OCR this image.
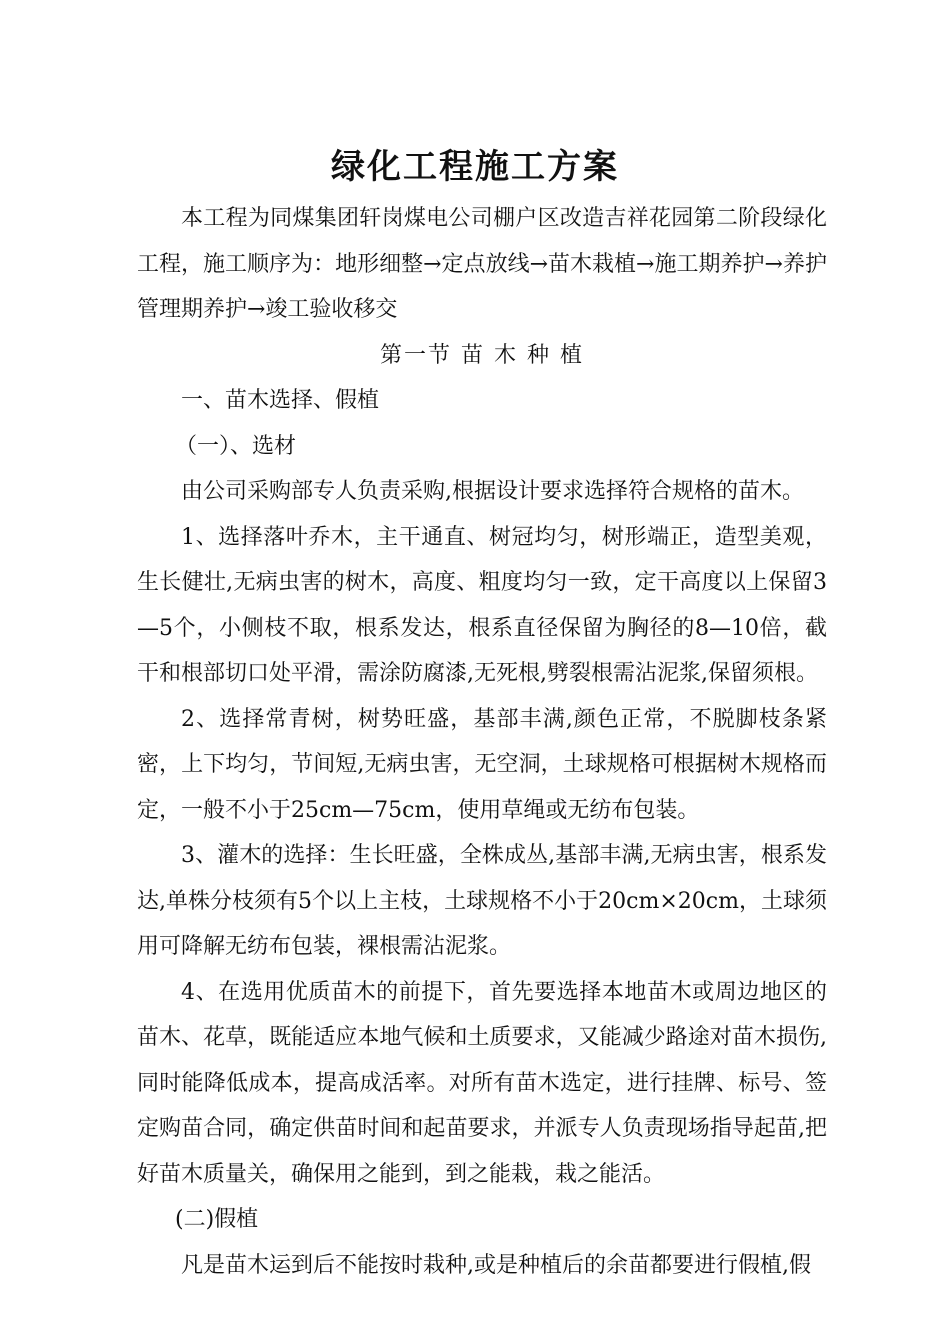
绿化工程施工方案

本工程为同煤集团轩岗煤电公司棚户区改造吉祥花园第二阶段绿化工程，施工顺序为：地形细整→定点放线→苗木栽植→施工期养护→养护管理期养护→竣工验收移交

第一节 苗 木 种 植

一、苗木选择、假植

（一）、选材

由公司采购部专人负责采购,根据设计要求选择符合规格的苗木。

1、选择落叶乔木，主干通直、树冠均匀，树形端正，造型美观，生长健壮,无病虫害的树木，高度、粗度均匀一致，定干高度以上保留3—5个，小侧枝不取，根系发达，根系直径保留为胸径的8—10倍，截干和根部切口处平滑，需涂防腐漆,无死根,劈裂根需沾泥浆,保留须根。

2、选择常青树，树势旺盛，基部丰满,颜色正常，不脱脚枝条紧密，上下均匀，节间短,无病虫害，无空洞，土球规格可根据树木规格而定，一般不小于25cm—75cm，使用草绳或无纺布包装。

3、灌木的选择：生长旺盛，全株成丛,基部丰满,无病虫害，根系发达,单株分枝须有5个以上主枝，土球规格不小于20cm×20cm，土球须用可降解无纺布包装，裸根需沾泥浆。

4、在选用优质苗木的前提下，首先要选择本地苗木或周边地区的苗木、花草，既能适应本地气候和土质要求，又能减少路途对苗木损伤,同时能降低成本，提高成活率。对所有苗木选定，进行挂牌、标号、签定购苗合同，确定供苗时间和起苗要求，并派专人负责现场指导起苗,把好苗木质量关，确保用之能到，到之能栽，栽之能活。

(二)假植

凡是苗木运到后不能按时栽种,或是种植后的余苗都要进行假植,假
